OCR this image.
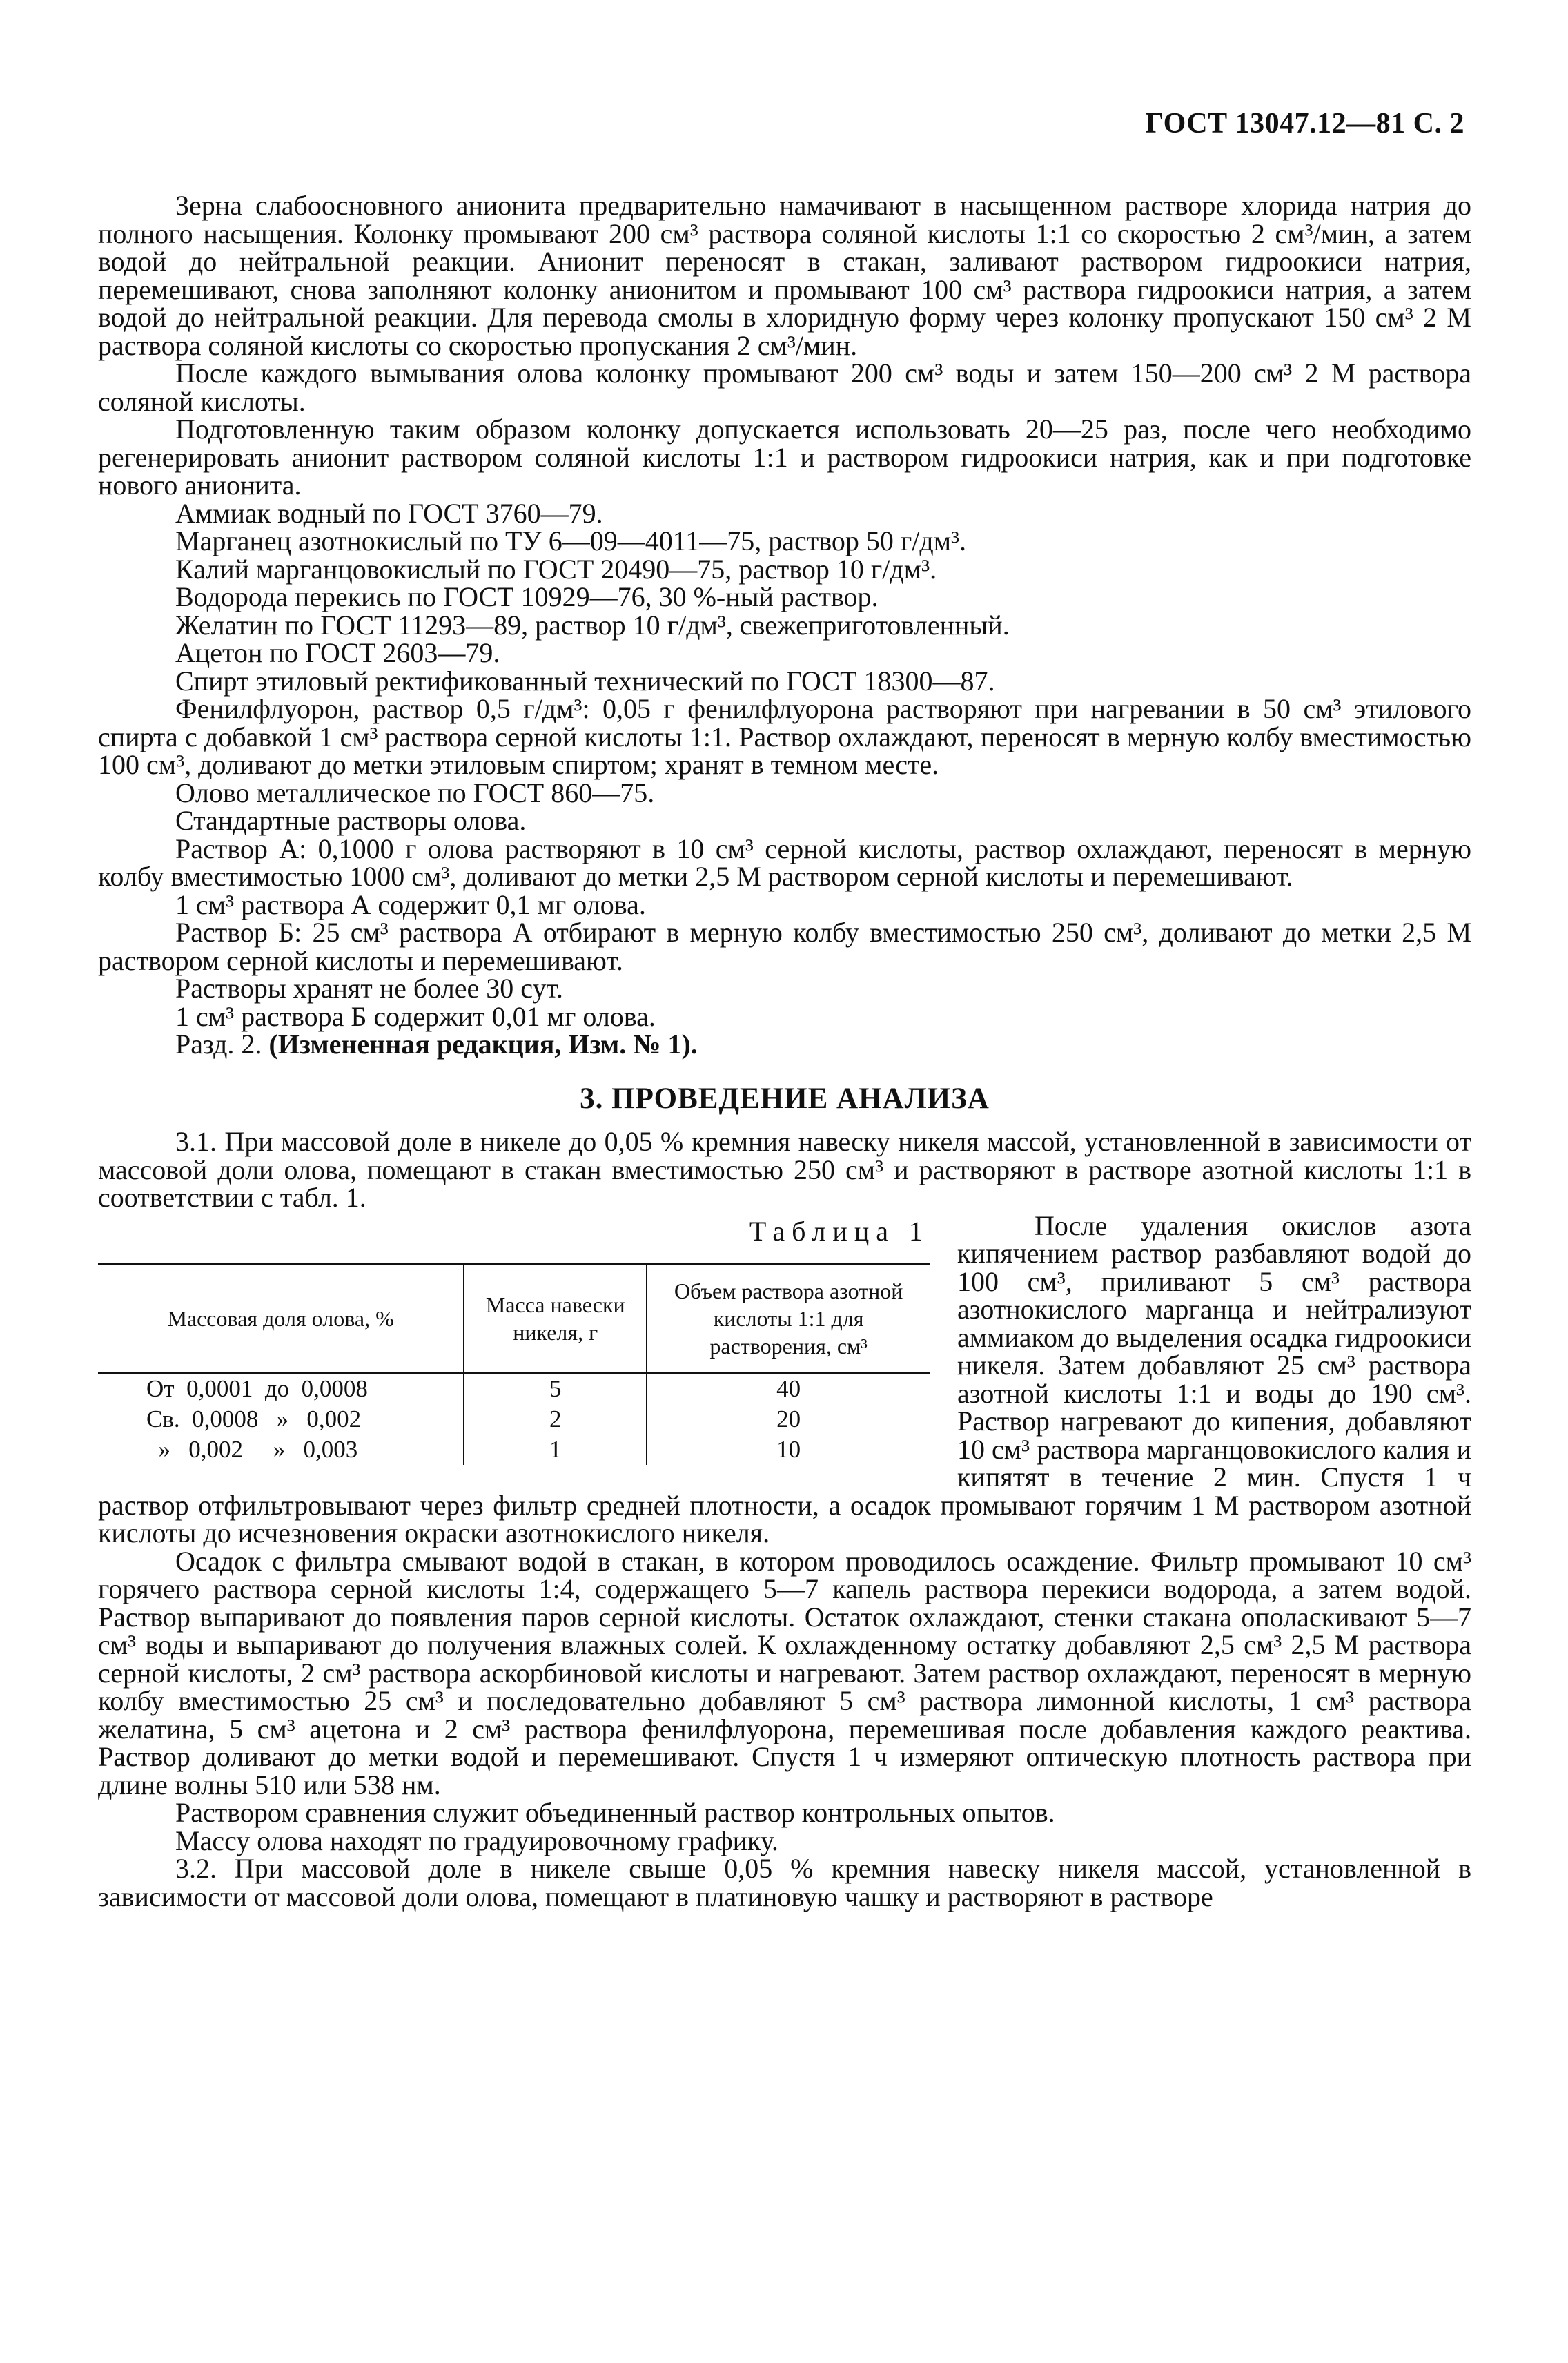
ГОСТ 13047.12—81 С. 2

Зерна слабоосновного анионита предварительно намачивают в насыщенном растворе хлорида натрия до полного насыщения. Колонку промывают 200 см³ раствора соляной кислоты 1:1 со скоростью 2 см³/мин, а затем водой до нейтральной реакции. Анионит переносят в стакан, заливают раствором гидроокиси натрия, перемешивают, снова заполняют колонку анионитом и промывают 100 см³ раствора гидроокиси натрия, а затем водой до нейтральной реакции. Для перевода смолы в хлоридную форму через колонку пропускают 150 см³ 2 М раствора соляной кислоты со скоростью пропускания 2 см³/мин.

После каждого вымывания олова колонку промывают 200 см³ воды и затем 150—200 см³ 2 М раствора соляной кислоты.

Подготовленную таким образом колонку допускается использовать 20—25 раз, после чего необходимо регенерировать анионит раствором соляной кислоты 1:1 и раствором гидроокиси натрия, как и при подготовке нового анионита.

Аммиак водный по ГОСТ 3760—79.

Марганец азотнокислый по ТУ 6—09—4011—75, раствор 50 г/дм³.

Калий марганцовокислый по ГОСТ 20490—75, раствор 10 г/дм³.

Водорода перекись по ГОСТ 10929—76, 30 %-ный раствор.

Желатин по ГОСТ 11293—89, раствор 10 г/дм³, свежеприготовленный.

Ацетон по ГОСТ 2603—79.

Спирт этиловый ректификованный технический по ГОСТ 18300—87.

Фенилфлуорон, раствор 0,5 г/дм³: 0,05 г фенилфлуорона растворяют при нагревании в 50 см³ этилового спирта с добавкой 1 см³ раствора серной кислоты 1:1. Раствор охлаждают, переносят в мерную колбу вместимостью 100 см³, доливают до метки этиловым спиртом; хранят в темном месте.

Олово металлическое по ГОСТ 860—75.

Стандартные растворы олова.

Раствор А: 0,1000 г олова растворяют в 10 см³ серной кислоты, раствор охлаждают, переносят в мерную колбу вместимостью 1000 см³, доливают до метки 2,5 М раствором серной кислоты и перемешивают.

1 см³ раствора А содержит 0,1 мг олова.

Раствор Б: 25 см³ раствора А отбирают в мерную колбу вместимостью 250 см³, доливают до метки 2,5 М раствором серной кислоты и перемешивают.

Растворы хранят не более 30 сут.

1 см³ раствора Б содержит 0,01 мг олова.

Разд. 2. (Измененная редакция, Изм. № 1).

3. ПРОВЕДЕНИЕ АНАЛИЗА

3.1. При массовой доле в никеле до 0,05 % кремния навеску никеля массой, установленной в зависимости от массовой доли олова, помещают в стакан вместимостью 250 см³ и растворяют в растворе азотной кислоты 1:1 в соответствии с табл. 1.

Таблица 1
Массовая доля олова, %	Масса навески никеля, г	Объем раствора азотной кислоты 1:1 для растворения, см³
От  0,0001  до  0,0008	5	40
Св.  0,0008   »   0,002	2	20
»   0,002     »   0,003	1	10

После удаления окислов азота кипячением раствор разбавляют водой до 100 см³, приливают 5 см³ раствора азотнокислого марганца и нейтрализуют аммиаком до выделения осадка гидроокиси никеля. Затем добавляют 25 см³ раствора азотной кислоты 1:1 и воды до 190 см³. Раствор нагревают до кипения, добавляют 10 см³ раствора марганцовокислого калия и кипятят в течение 2 мин. Спустя 1 ч раствор отфильтровывают через фильтр средней плотности, а осадок промывают горячим 1 М раствором азотной кислоты до исчезновения окраски азотнокислого никеля.

Осадок с фильтра смывают водой в стакан, в котором проводилось осаждение. Фильтр промывают 10 см³ горячего раствора серной кислоты 1:4, содержащего 5—7 капель раствора перекиси водорода, а затем водой. Раствор выпаривают до появления паров серной кислоты. Остаток охлаждают, стенки стакана ополаскивают 5—7 см³ воды и выпаривают до получения влажных солей. К охлажденному остатку добавляют 2,5 см³ 2,5 М раствора серной кислоты, 2 см³ раствора аскорбиновой кислоты и нагревают. Затем раствор охлаждают, переносят в мерную колбу вместимостью 25 см³ и последовательно добавляют 5 см³ раствора лимонной кислоты, 1 см³ раствора желатина, 5 см³ ацетона и 2 см³ раствора фенилфлуорона, перемешивая после добавления каждого реактива. Раствор доливают до метки водой и перемешивают. Спустя 1 ч измеряют оптическую плотность раствора при длине волны 510 или 538 нм.

Раствором сравнения служит объединенный раствор контрольных опытов.

Массу олова находят по градуировочному графику.

3.2. При массовой доле в никеле свыше 0,05 % кремния навеску никеля массой, установленной в зависимости от массовой доли олова, помещают в платиновую чашку и растворяют в растворе
